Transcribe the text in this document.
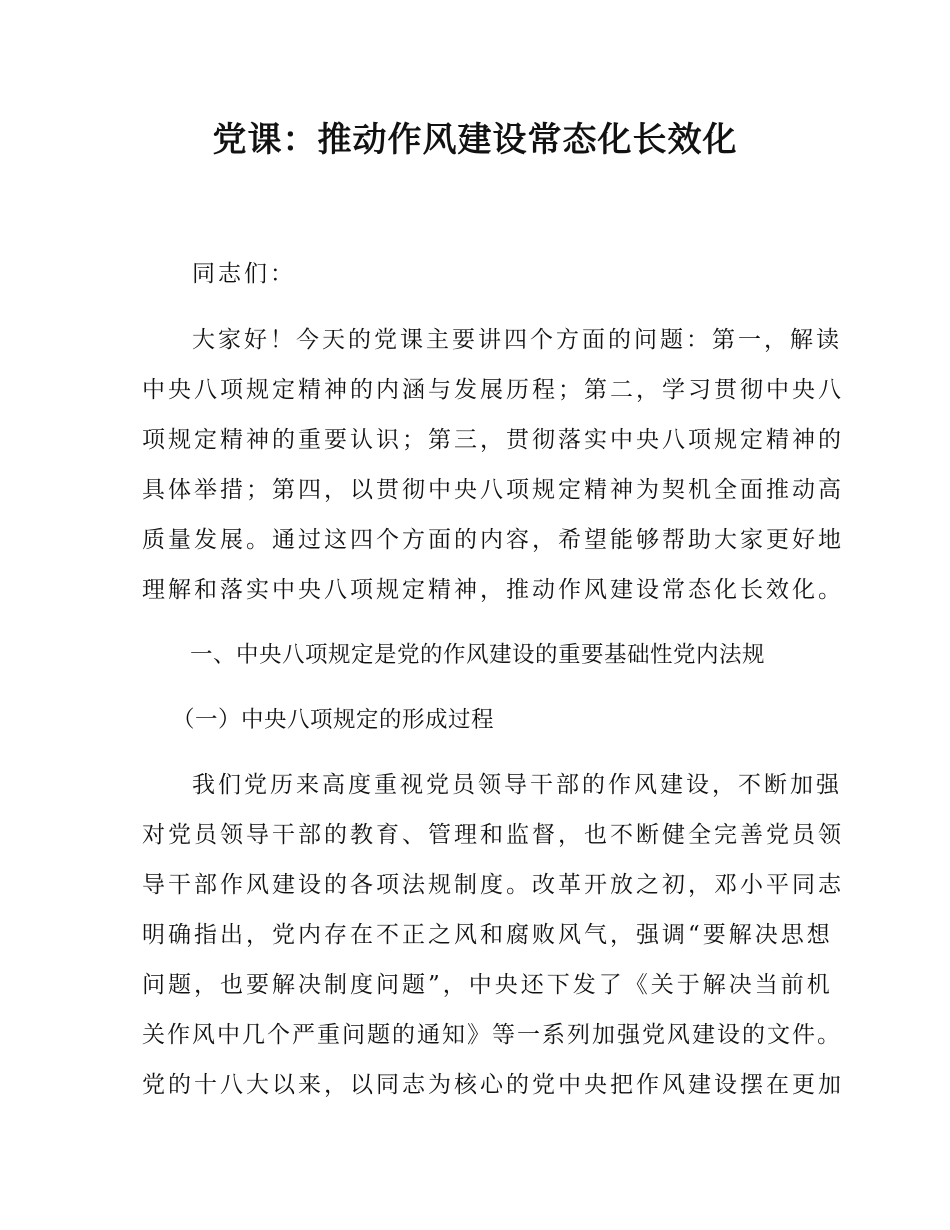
党课：推动作风建设常态化长效化
同志们：
大家好！今天的党课主要讲四个方面的问题：第一，解读
中央八项规定精神的内涵与发展历程；第二，学习贯彻中央八
项规定精神的重要认识；第三，贯彻落实中央八项规定精神的
具体举措；第四，以贯彻中央八项规定精神为契机全面推动高
质量发展。通过这四个方面的内容，希望能够帮助大家更好地
理解和落实中央八项规定精神，推动作风建设常态化长效化。
一、中央八项规定是党的作风建设的重要基础性党内法规
（一）中央八项规定的形成过程
我们党历来高度重视党员领导干部的作风建设，不断加强
对党员领导干部的教育、管理和监督，也不断健全完善党员领
导干部作风建设的各项法规制度。改革开放之初，邓小平同志
明确指出，党内存在不正之风和腐败风气，强调“要解决思想
问题，也要解决制度问题”，中央还下发了《关于解决当前机
关作风中几个严重问题的通知》等一系列加强党风建设的文件。
党的十八大以来，以同志为核心的党中央把作风建设摆在更加
